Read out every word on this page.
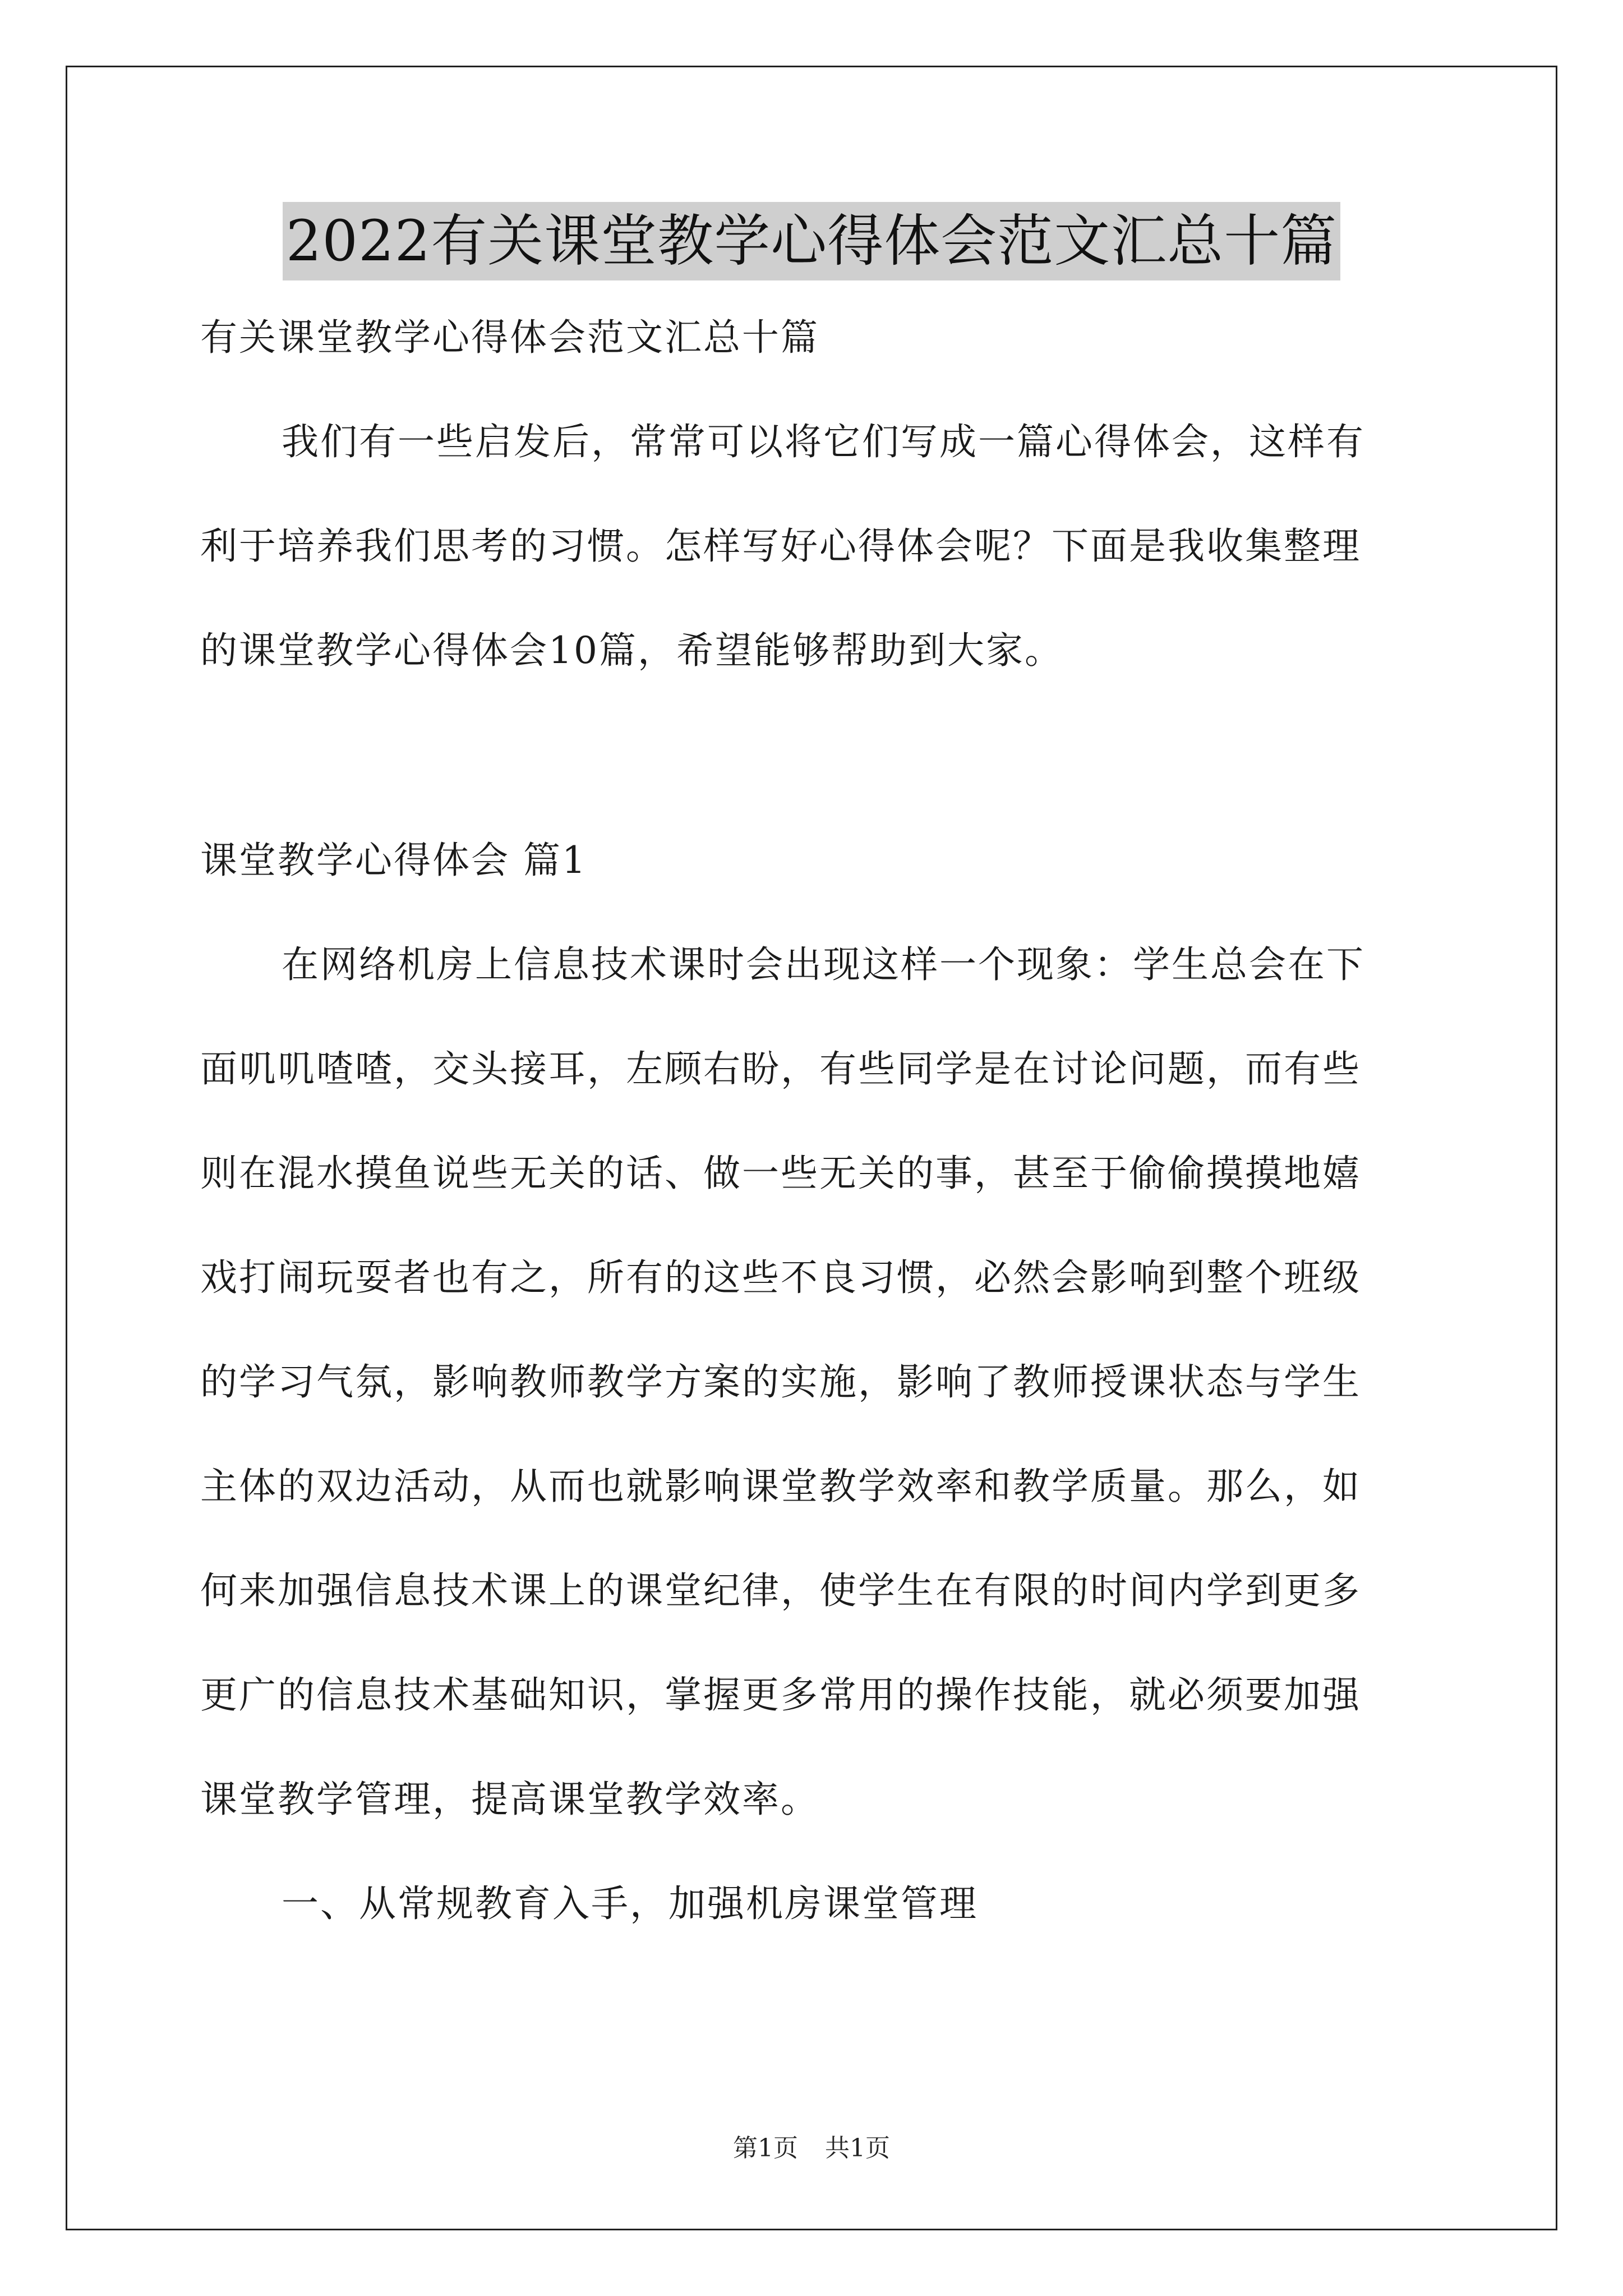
2022有关课堂教学心得体会范文汇总十篇

有关课堂教学心得体会范文汇总十篇

我们有一些启发后，常常可以将它们写成一篇心得体会，这样有

利于培养我们思考的习惯。怎样写好心得体会呢？下面是我收集整理

的课堂教学心得体会10篇，希望能够帮助到大家。

课堂教学心得体会 篇1

在网络机房上信息技术课时会出现这样一个现象：学生总会在下

面叽叽喳喳，交头接耳，左顾右盼，有些同学是在讨论问题，而有些

则在混水摸鱼说些无关的话、做一些无关的事，甚至于偷偷摸摸地嬉

戏打闹玩耍者也有之，所有的这些不良习惯，必然会影响到整个班级

的学习气氛，影响教师教学方案的实施，影响了教师授课状态与学生

主体的双边活动，从而也就影响课堂教学效率和教学质量。那么，如

何来加强信息技术课上的课堂纪律，使学生在有限的时间内学到更多

更广的信息技术基础知识，掌握更多常用的操作技能，就必须要加强

课堂教学管理，提高课堂教学效率。

一、从常规教育入手，加强机房课堂管理

第1页 共1页
